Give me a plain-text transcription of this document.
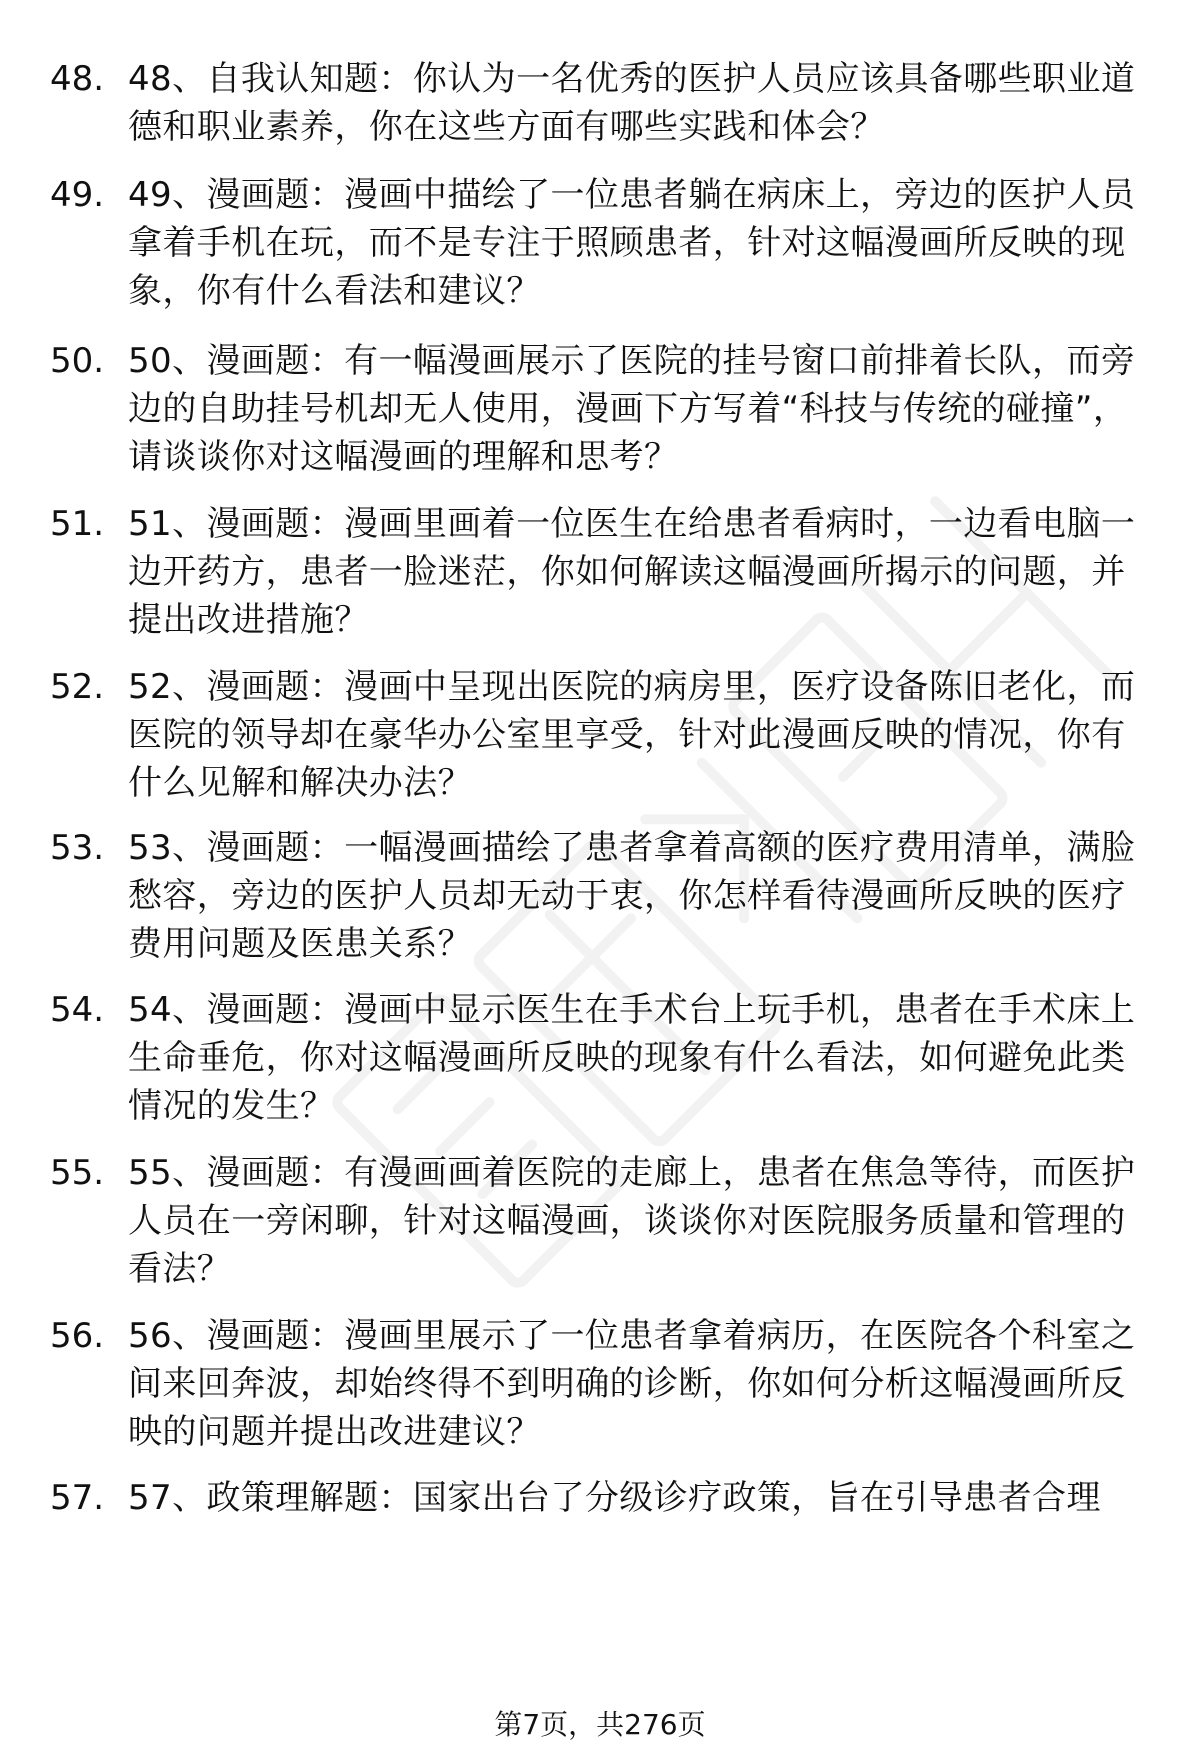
48. 48、自我认知题：你认为一名优秀的医护人员应该具备哪些职业道德和职业素养，你在这些方面有哪些实践和体会？
49. 49、漫画题：漫画中描绘了一位患者躺在病床上，旁边的医护人员拿着手机在玩，而不是专注于照顾患者，针对这幅漫画所反映的现象，你有什么看法和建议？
50. 50、漫画题：有一幅漫画展示了医院的挂号窗口前排着长队，而旁边的自助挂号机却无人使用，漫画下方写着“科技与传统的碰撞”，请谈谈你对这幅漫画的理解和思考？
51. 51、漫画题：漫画里画着一位医生在给患者看病时，一边看电脑一边开药方，患者一脸迷茫，你如何解读这幅漫画所揭示的问题，并提出改进措施？
52. 52、漫画题：漫画中呈现出医院的病房里，医疗设备陈旧老化，而医院的领导却在豪华办公室里享受，针对此漫画反映的情况，你有什么见解和解决办法？
53. 53、漫画题：一幅漫画描绘了患者拿着高额的医疗费用清单，满脸愁容，旁边的医护人员却无动于衷，你怎样看待漫画所反映的医疗费用问题及医患关系？
54. 54、漫画题：漫画中显示医生在手术台上玩手机，患者在手术床上生命垂危，你对这幅漫画所反映的现象有什么看法，如何避免此类情况的发生？
55. 55、漫画题：有漫画画着医院的走廊上，患者在焦急等待，而医护人员在一旁闲聊，针对这幅漫画，谈谈你对医院服务质量和管理的看法？
56. 56、漫画题：漫画里展示了一位患者拿着病历，在医院各个科室之间来回奔波，却始终得不到明确的诊断，你如何分析这幅漫画所反映的问题并提出改进建议？
57. 57、政策理解题：国家出台了分级诊疗政策，旨在引导患者合理
第7页，共276页
